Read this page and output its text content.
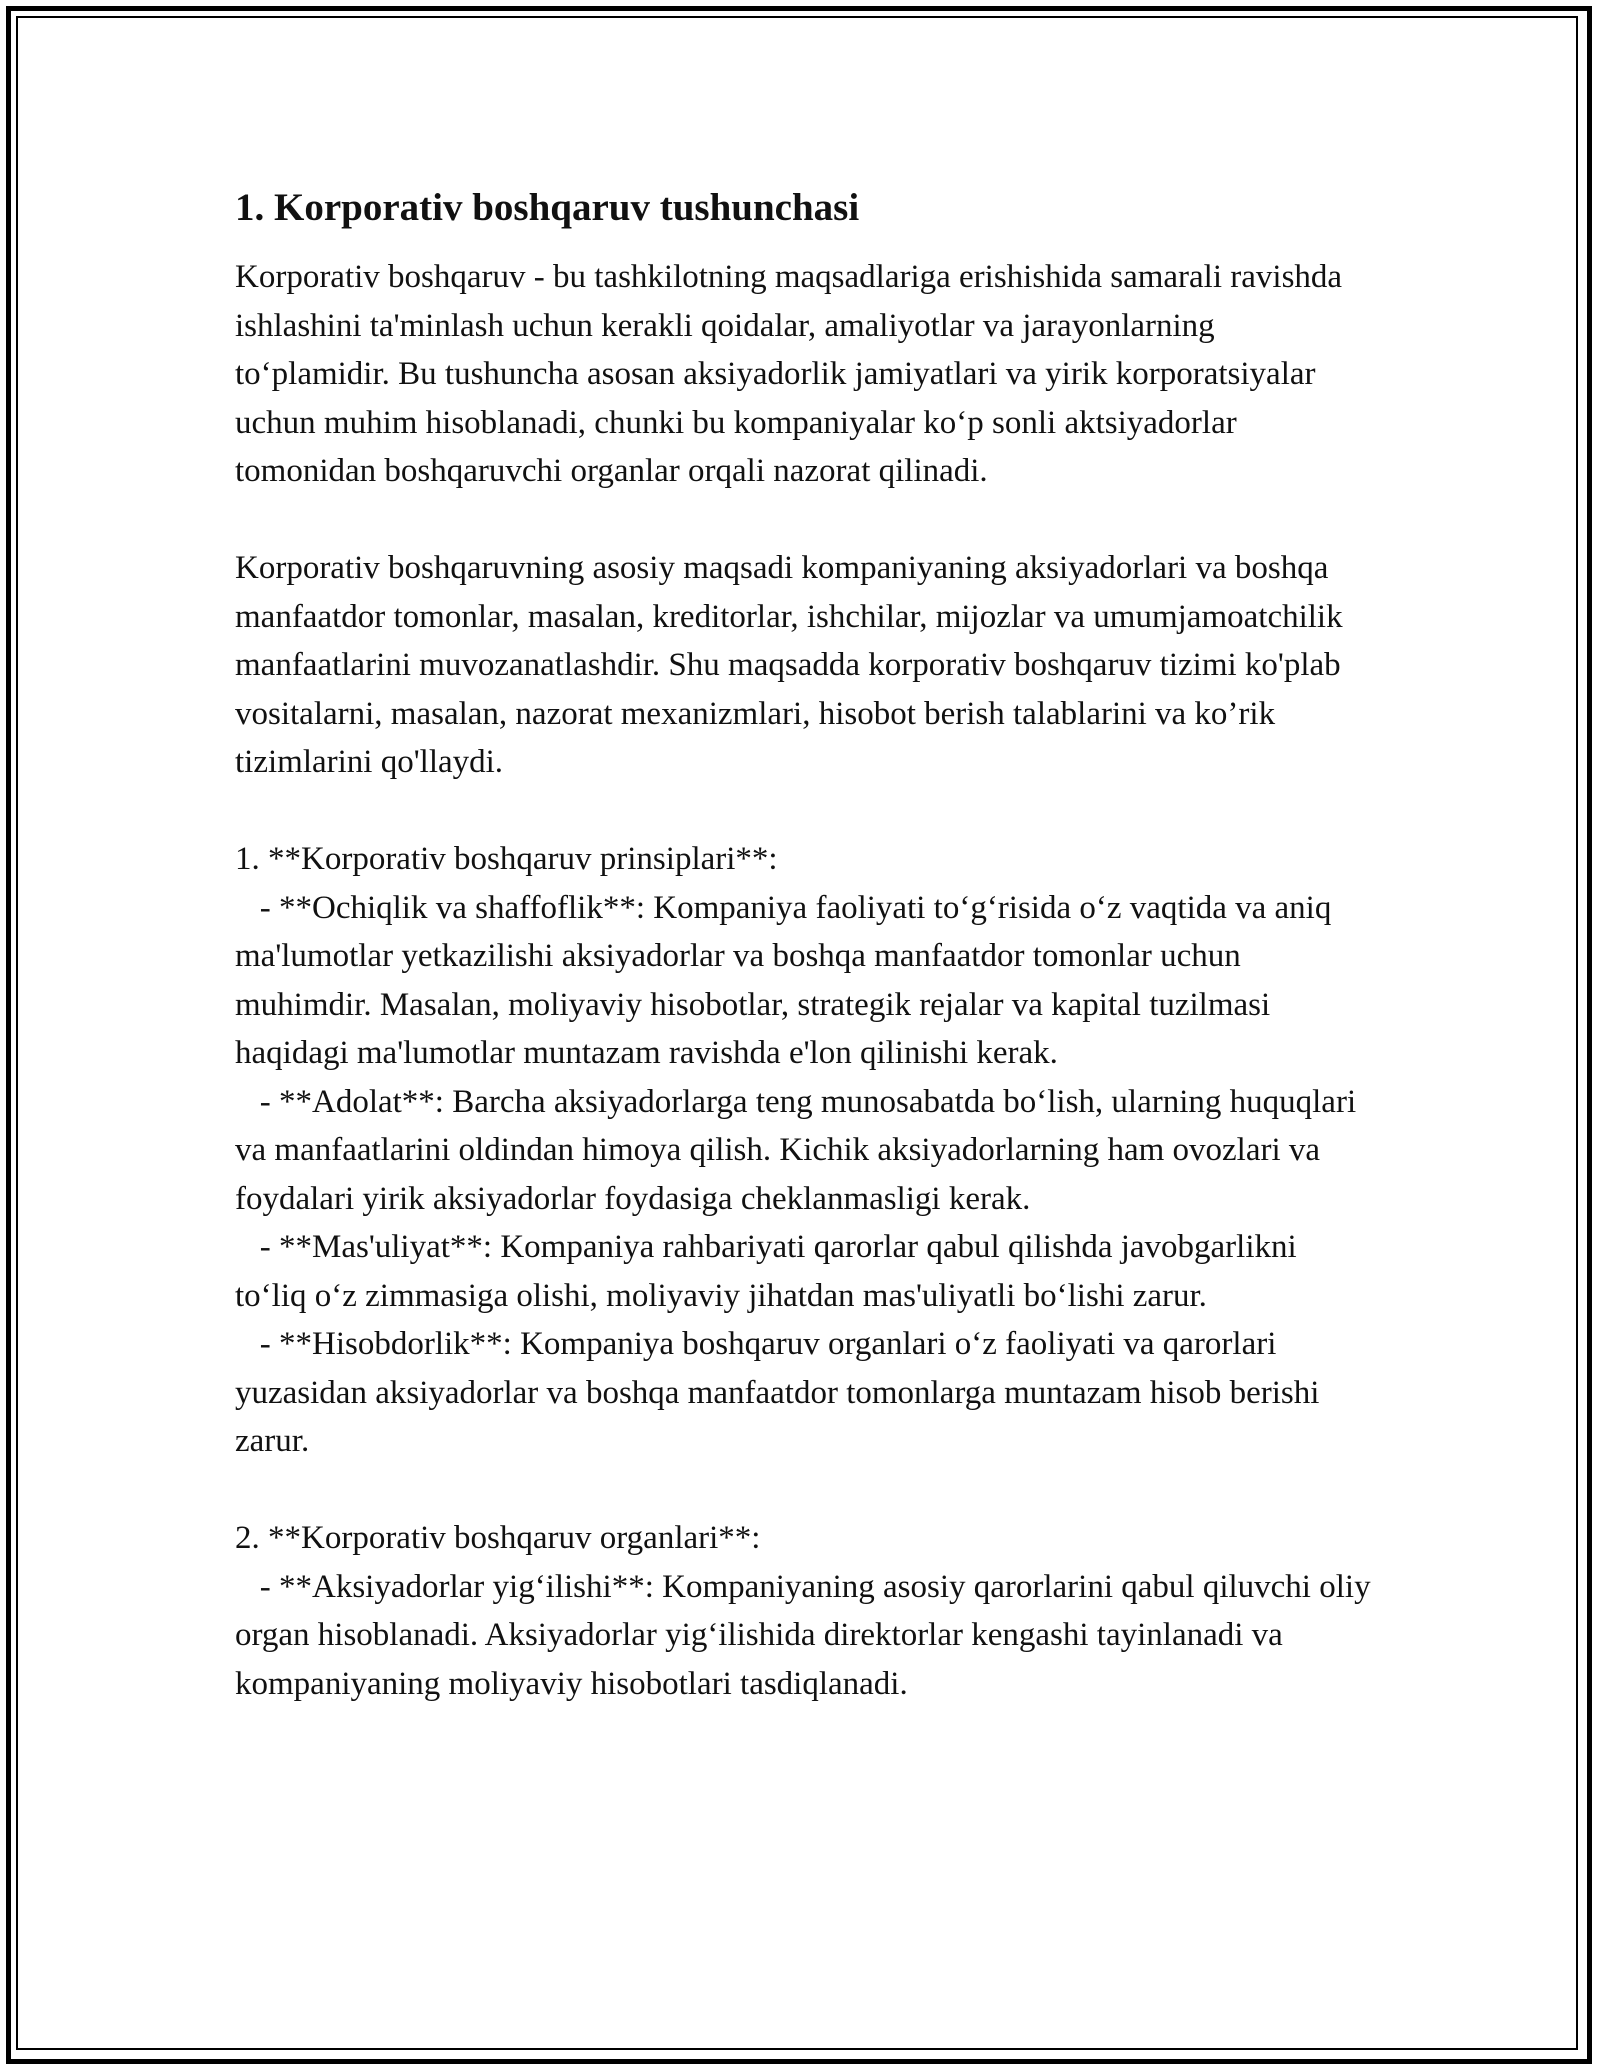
1. Korporativ boshqaruv tushunchasi

Korporativ boshqaruv - bu tashkilotning maqsadlariga erishishida samarali ravishda ishlashini ta'minlash uchun kerakli qoidalar, amaliyotlar va jarayonlarning to‘plamidir. Bu tushuncha asosan aksiyadorlik jamiyatlari va yirik korporatsiyalar uchun muhim hisoblanadi, chunki bu kompaniyalar ko‘p sonli aktsiyadorlar tomonidan boshqaruvchi organlar orqali nazorat qilinadi.

Korporativ boshqaruvning asosiy maqsadi kompaniyaning aksiyadorlari va boshqa manfaatdor tomonlar, masalan, kreditorlar, ishchilar, mijozlar va umumjamoatchilik manfaatlarini muvozanatlashdir. Shu maqsadda korporativ boshqaruv tizimi ko'plab vositalarni, masalan, nazorat mexanizmlari, hisobot berish talablarini va ko’rik tizimlarini qo'llaydi.

1. **Korporativ boshqaruv prinsiplari**:

- **Ochiqlik va shaffoflik**: Kompaniya faoliyati to‘g‘risida o‘z vaqtida va aniq ma'lumotlar yetkazilishi aksiyadorlar va boshqa manfaatdor tomonlar uchun muhimdir. Masalan, moliyaviy hisobotlar, strategik rejalar va kapital tuzilmasi haqidagi ma'lumotlar muntazam ravishda e'lon qilinishi kerak.

- **Adolat**: Barcha aksiyadorlarga teng munosabatda bo‘lish, ularning huquqlari va manfaatlarini oldindan himoya qilish. Kichik aksiyadorlarning ham ovozlari va foydalari yirik aksiyadorlar foydasiga cheklanmasligi kerak.

- **Mas'uliyat**: Kompaniya rahbariyati qarorlar qabul qilishda javobgarlikni to‘liq o‘z zimmasiga olishi, moliyaviy jihatdan mas'uliyatli bo‘lishi zarur.

- **Hisobdorlik**: Kompaniya boshqaruv organlari o‘z faoliyati va qarorlari yuzasidan aksiyadorlar va boshqa manfaatdor tomonlarga muntazam hisob berishi zarur.

2. **Korporativ boshqaruv organlari**:

- **Aksiyadorlar yig‘ilishi**: Kompaniyaning asosiy qarorlarini qabul qiluvchi oliy organ hisoblanadi. Aksiyadorlar yig‘ilishida direktorlar kengashi tayinlanadi va kompaniyaning moliyaviy hisobotlari tasdiqlanadi.
